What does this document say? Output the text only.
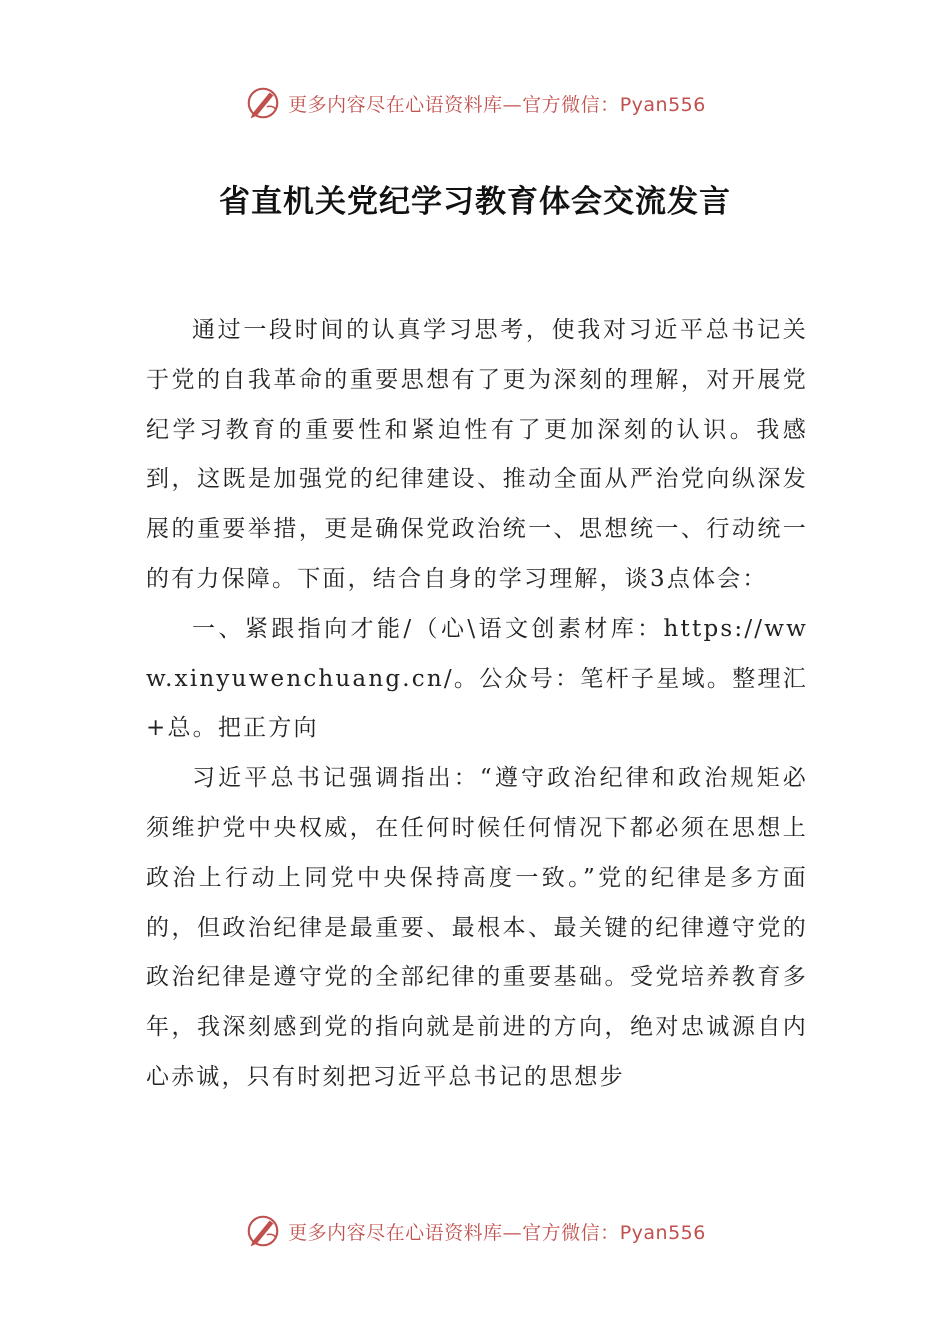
更多内容尽在心语资料库—官方微信：Pyan556
省直机关党纪学习教育体会交流发言

通过一段时间的认真学习思考，使我对习近平总书记关于党的自我革命的重要思想有了更为深刻的理解，对开展党纪学习教育的重要性和紧迫性有了更加深刻的认识。我感到，这既是加强党的纪律建设、推动全面从严治党向纵深发展的重要举措，更是确保党政治统一、思想统一、行动统一的有力保障。下面，结合自身的学习理解，谈3点体会：

一、紧跟指向才能/（心\语文创素材库：https://www.xinyuwenchuang.cn/。公众号：笔杆子星域。整理汇+总。把正方向

习近平总书记强调指出：“遵守政治纪律和政治规矩必须维护党中央权威，在任何时候任何情况下都必须在思想上政治上行动上同党中央保持高度一致。”党的纪律是多方面的，但政治纪律是最重要、最根本、最关键的纪律遵守党的政治纪律是遵守党的全部纪律的重要基础。受党培养教育多年，我深刻感到党的指向就是前进的方向，绝对忠诚源自内心赤诚，只有时刻把习近平总书记的思想步

更多内容尽在心语资料库—官方微信：Pyan556
